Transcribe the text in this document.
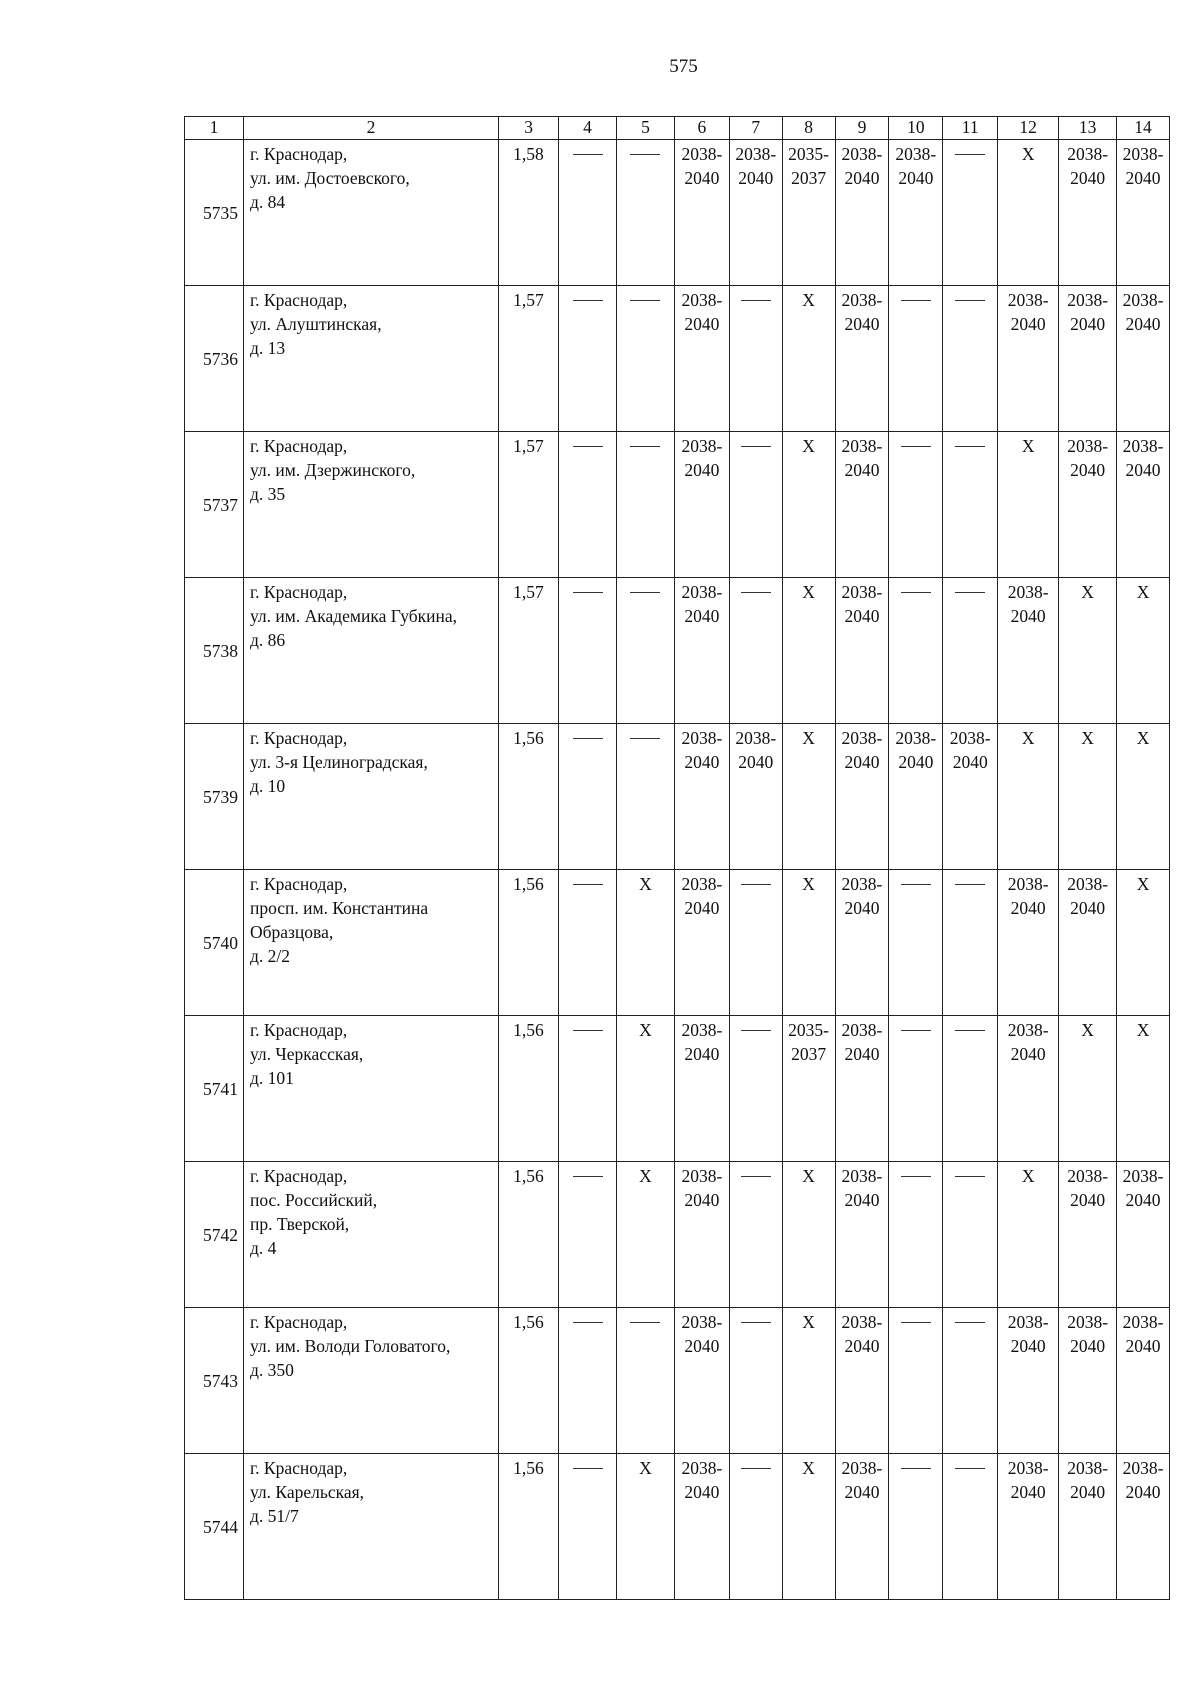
575
1	2	3	4	5	6	7	8	9	10	11	12	13	14
5735	г. Краснодар,
ул. им. Достоевского,
д. 84	1,58			2038-
2040	2038-
2040	2035-
2037	2038-
2040	2038-
2040		X	2038-
2040	2038-
2040

5736	г. Краснодар,
ул. Алуштинская,
д. 13	1,57			2038-
2040		X	2038-
2040			2038-
2040	2038-
2040	2038-
2040

5737	г. Краснодар,
ул. им. Дзержинского,
д. 35	1,57			2038-
2040		X	2038-
2040			X	2038-
2040	2038-
2040

5738	г. Краснодар,
ул. им. Академика Губкина,
д. 86	1,57			2038-
2040		X	2038-
2040			2038-
2040	X	X
5739	г. Краснодар,
ул. 3-я Целиноградская,
д. 10	1,56			2038-
2040	2038-
2040	X	2038-
2040	2038-
2040	2038-
2040	X	X	X
5740	г. Краснодар,
просп. им. Константина
Образцова,
д. 2/2	1,56		X	2038-
2040		X	2038-
2040			2038-
2040	2038-
2040	X
5741	г. Краснодар,
ул. Черкасская,
д. 101	1,56		X	2038-
2040		2035-
2037	2038-
2040			2038-
2040	X	X
5742	г. Краснодар,
пос. Российский,
пр. Тверской,
д. 4	1,56		X	2038-
2040		X	2038-
2040			X	2038-
2040	2038-
2040

5743	г. Краснодар,
ул. им. Володи Головатого,
д. 350	1,56			2038-
2040		X	2038-
2040			2038-
2040	2038-
2040	2038-
2040

5744	г. Краснодар,
ул. Карельская,
д. 51/7	1,56		X	2038-
2040		X	2038-
2040			2038-
2040	2038-
2040	2038-
2040
